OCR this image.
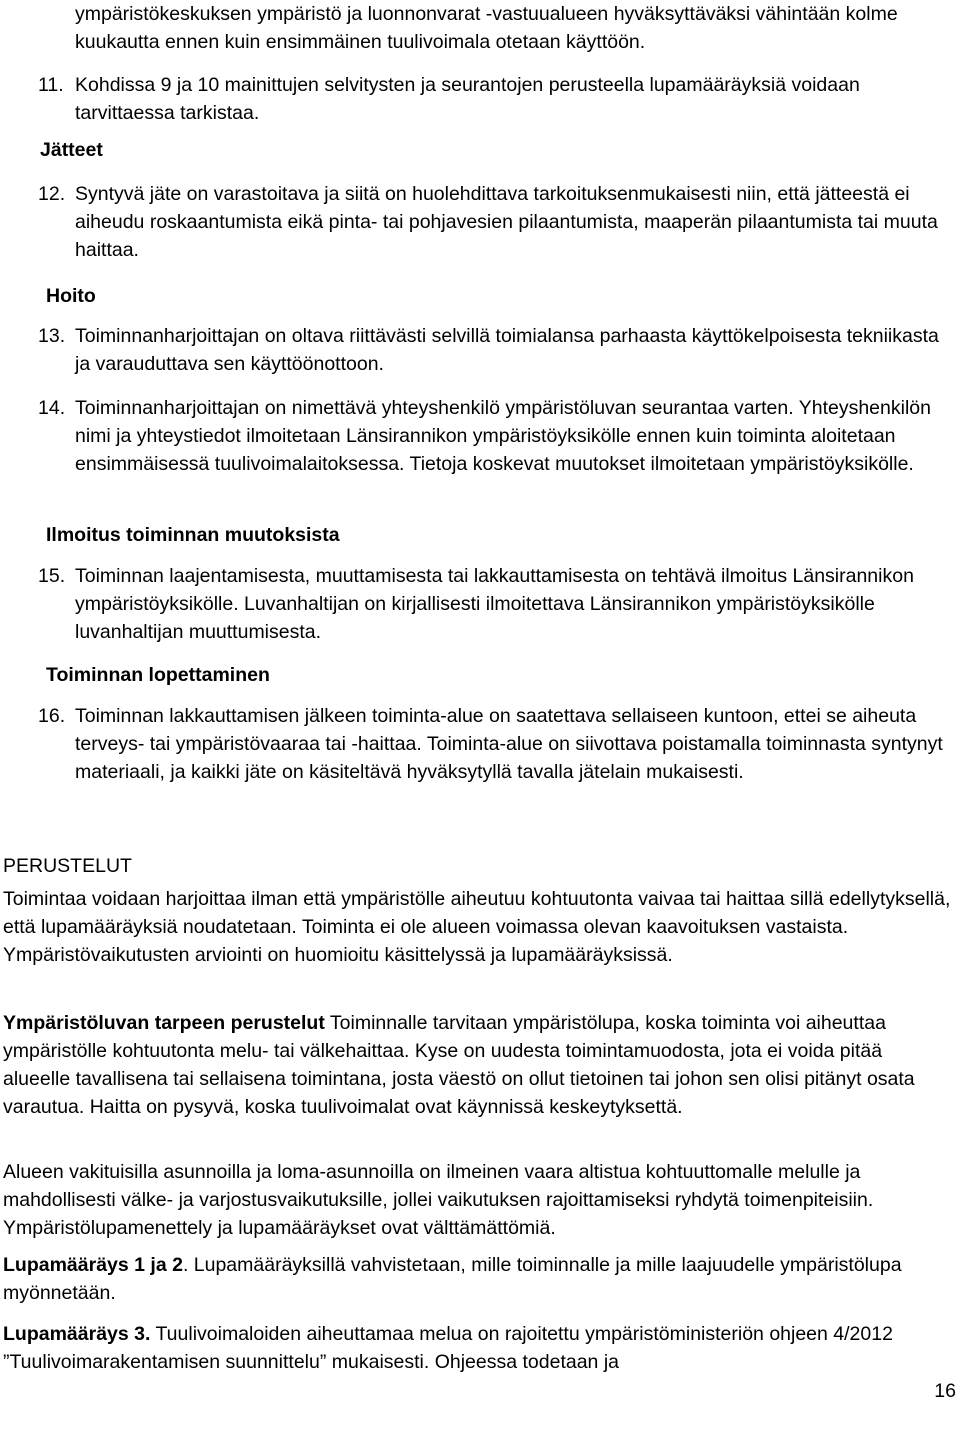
ympäristökeskuksen ympäristö ja luonnonvarat -vastuualueen hyväksyttäväksi vähintään kolme kuukautta ennen kuin ensimmäinen tuulivoimala otetaan käyttöön.
11. Kohdissa 9 ja 10 mainittujen selvitysten ja seurantojen perusteella lupamääräyksiä voidaan tarvittaessa tarkistaa.
Jätteet
12. Syntyvä jäte on varastoitava ja siitä on huolehdittava tarkoituksenmukaisesti niin, että jätteestä ei aiheudu roskaantumista eikä pinta- tai pohjavesien pilaantumista, maaperän pilaantumista tai muuta haittaa.
Hoito
13. Toiminnanharjoittajan on oltava riittävästi selvillä toimialansa parhaasta käyttökelpoisesta tekniikasta ja varauduttava sen käyttöönottoon.
14. Toiminnanharjoittajan on nimettävä yhteyshenkilö ympäristöluvan seurantaa varten. Yhteyshenkilön nimi ja yhteystiedot ilmoitetaan Länsirannikon ympäristöyksikölle ennen kuin toiminta aloitetaan ensimmäisessä tuulivoimalaitoksessa. Tietoja koskevat muutokset ilmoitetaan ympäristöyksikölle.
Ilmoitus toiminnan muutoksista
15. Toiminnan laajentamisesta, muuttamisesta tai lakkauttamisesta on tehtävä ilmoitus Länsirannikon ympäristöyksikölle. Luvanhaltijan on kirjallisesti ilmoitettava Länsirannikon ympäristöyksikölle luvanhaltijan muuttumisesta.
Toiminnan lopettaminen
16. Toiminnan lakkauttamisen jälkeen toiminta-alue on saatettava sellaiseen kuntoon, ettei se aiheuta terveys- tai ympäristövaaraa tai -haittaa. Toiminta-alue on siivottava poistamalla toiminnasta syntynyt materiaali, ja kaikki jäte on käsiteltävä hyväksytyllä tavalla jätelain mukaisesti.
PERUSTELUT

Toimintaa voidaan harjoittaa ilman että ympäristölle aiheutuu kohtuutonta vaivaa tai haittaa sillä edellytyksellä, että lupamääräyksiä noudatetaan. Toiminta ei ole alueen voimassa olevan kaavoituksen vastaista. Ympäristövaikutusten arviointi on huomioitu käsittelyssä ja lupamääräyksissä.

Ympäristöluvan tarpeen perustelut Toiminnalle tarvitaan ympäristölupa, koska toiminta voi aiheuttaa ympäristölle kohtuutonta melu- tai välkehaittaa. Kyse on uudesta toimintamuodosta, jota ei voida pitää alueelle tavallisena tai sellaisena toimintana, josta väestö on ollut tietoinen tai johon sen olisi pitänyt osata varautua. Haitta on pysyvä, koska tuulivoimalat ovat käynnissä keskeytyksettä.

Alueen vakituisilla asunnoilla ja loma-asunnoilla on ilmeinen vaara altistua kohtuuttomalle melulle ja mahdollisesti välke- ja varjostusvaikutuksille, jollei vaikutuksen rajoittamiseksi ryhdytä toimenpiteisiin. Ympäristölupamenettely ja lupamääräykset ovat välttämättömiä.

Lupamääräys 1 ja 2. Lupamääräyksillä vahvistetaan, mille toiminnalle ja mille laajuudelle ympäristölupa myönnetään.

Lupamääräys 3. Tuulivoimaloiden aiheuttamaa melua on rajoitettu ympäristöministeriön ohjeen 4/2012 ”Tuulivoimarakentamisen suunnittelu” mukaisesti. Ohjeessa todetaan ja

16
